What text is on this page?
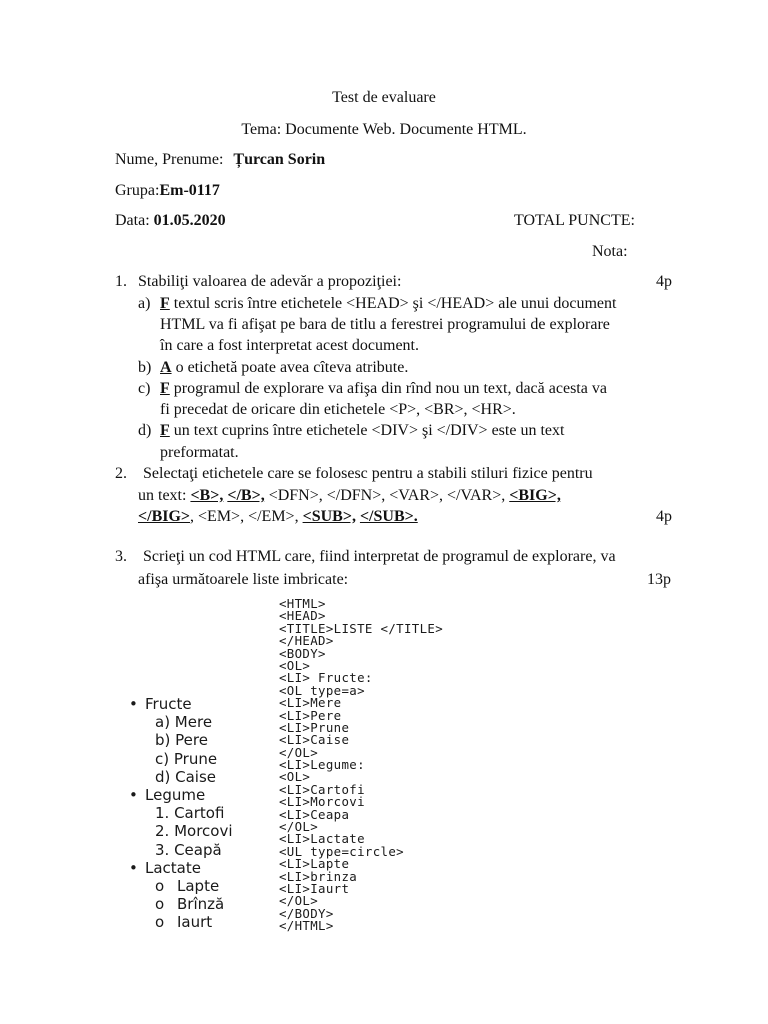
Test de evaluare
Tema: Documente Web. Documente HTML.
Nume, Prenume: Țurcan Sorin
Grupa:Em-0117
Data: 01.05.2020	TOTAL PUNCTE:
Nota:
1. Stabiliţi valoarea de adevăr a propoziţiei:	4p
a) F textul scris între etichetele <HEAD> şi </HEAD> ale unui document
HTML va fi afişat pe bara de titlu a ferestrei programului de explorare
în care a fost interpretat acest document.
b) A o etichetă poate avea cîteva atribute.
c) F programul de explorare va afişa din rînd nou un text, dacă acesta va
fi precedat de oricare din etichetele <P>, <BR>, <HR>.
d) F un text cuprins între etichetele <DIV> şi </DIV> este un text
preformatat.
2. Selectaţi etichetele care se folosesc pentru a stabili stiluri fizice pentru
un text: <B>, </B>, <DFN>, </DFN>, <VAR>, </VAR>, <BIG>,
</BIG>, <EM>, </EM>, <SUB>, </SUB>.	4p
3. Scrieţi un cod HTML care, fiind interpretat de programul de explorare, va
afişa următoarele liste imbricate:	13p
• Fructe
a) Mere
b) Pere
c) Prune
d) Caise
• Legume
1. Cartofi
2. Morcovi
3. Ceapă
• Lactate
o Lapte
o Brînză
o Iaurt
<HTML>
<HEAD>
<TITLE>LISTE </TITLE>
</HEAD>
<BODY>
<OL>
<LI> Fructe:
<OL type=a>
<LI>Mere
<LI>Pere
<LI>Prune
<LI>Caise
</OL>
<LI>Legume:
<OL>
<LI>Cartofi
<LI>Morcovi
<LI>Ceapa
</OL>
<LI>Lactate
<UL type=circle>
<LI>Lapte
<LI>brinza
<LI>Iaurt
</OL>
</BODY>
</HTML>
